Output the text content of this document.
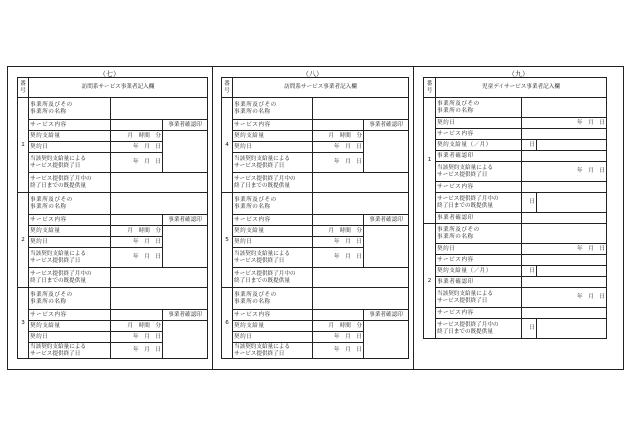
（七）	（八）	（九）
番
号	訪問系サービス事業者記入欄		
1	事業所及びその
事業所の名称		
	サービス内容		事業者確認印
	契約支給量	月　時間　分	
	契約日	年　月　日	
	当該契約支給量による
サービス提供終了日	年　月　日	
	サービス提供終了月中の
終了日までの既提供量		
2	事業所及びその
事業所の名称		
	サービス内容		事業者確認印
	契約支給量	月　時間　分	
	契約日	年　月　日	
	当該契約支給量による
サービス提供終了日	年　月　日	
	サービス提供終了月中の
終了日までの既提供量		
3	事業所及びその
事業所の名称		
	サービス内容		事業者確認印
	契約支給量	月　時間　分	
	契約日	年　月　日	
	当該契約支給量による
サービス提供終了日	年　月　日	
番
号	訪問系サービス事業者記入欄		
4	事業所及びその
事業所の名称		
	サービス内容		事業者確認印
	契約支給量	月　時間　分	
	契約日	年　月　日	
	当該契約支給量による
サービス提供終了日	年　月　日	
	サービス提供終了月中の
終了日までの既提供量		
5	事業所及びその
事業所の名称		
	サービス内容		事業者確認印
	契約支給量	月　時間　分	
	契約日	年　月　日	
	当該契約支給量による
サービス提供終了日	年　月　日	
	サービス提供終了月中の
終了日までの既提供量		
6	事業所及びその
事業所の名称		
	サービス内容		事業者確認印
	契約支給量	月　時間　分	
	契約日	年　月　日	
	当該契約支給量による
サービス提供終了日	年　月　日	
番
号	児童デイサービス事業者記入欄		
1	事業所及びその
事業所の名称		
	契約日	年　月　日	
	サービス内容		
	契約支給量（／月）	日	
	事業者確認印		
	当該契約支給量による
サービス提供終了日	年　月　日	
	サービス内容		
	サービス提供終了月中の
終了日までの既提供量	日	
	事業者確認印		
2	事業所及びその
事業所の名称		
	契約日	年　月　日	
	サービス内容		
	契約支給量（／月）	日	
	事業者確認印		
	当該契約支給量による
サービス提供終了日	年　月　日	
	サービス内容		
	サービス提供終了月中の
終了日までの既提供量	日	
